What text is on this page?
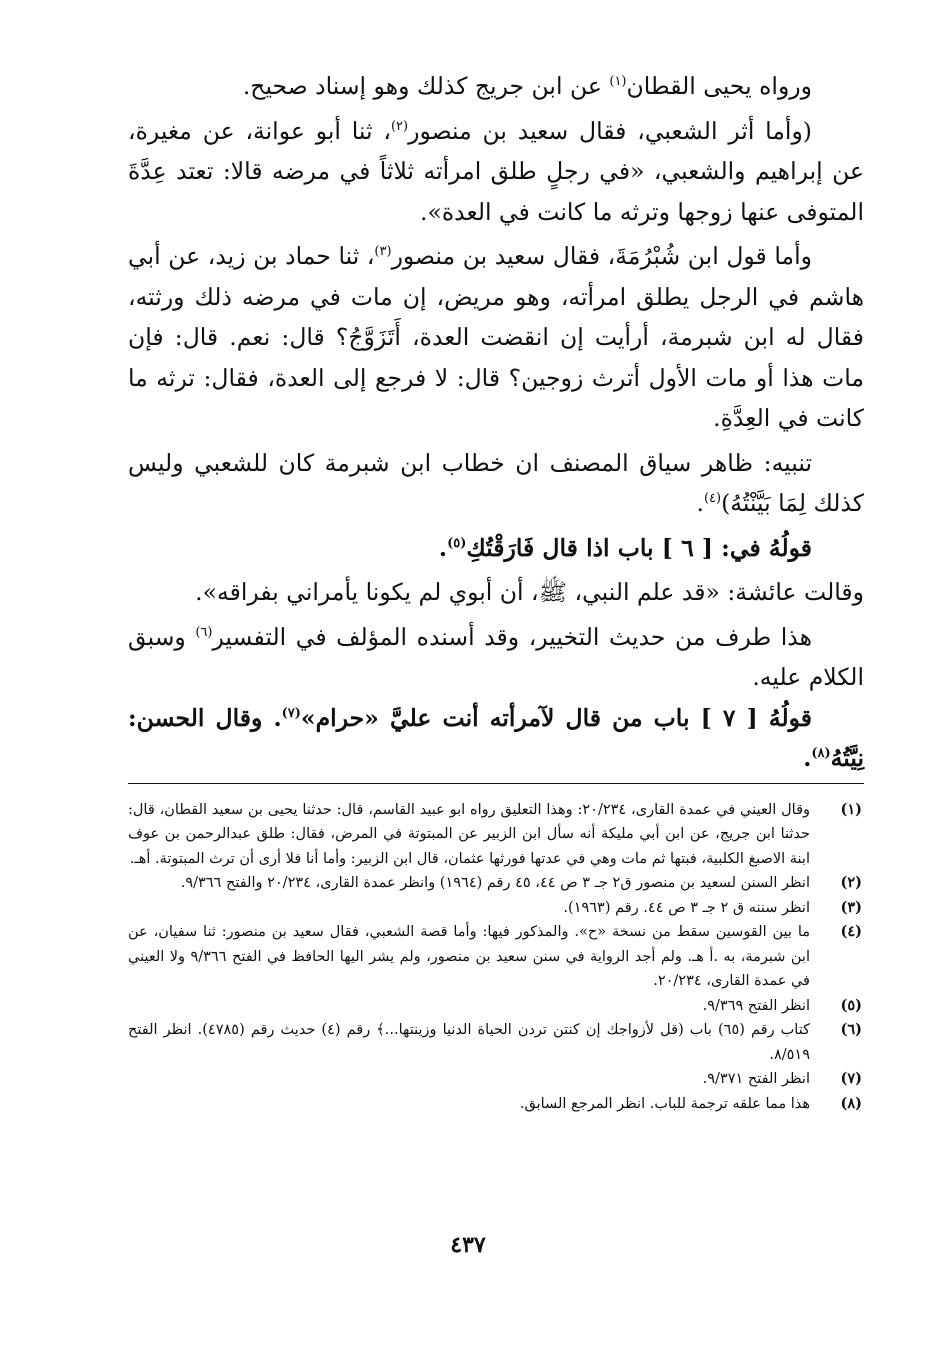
ورواه يحيى القطان$^{(١)}$ عن ابن جريج كذلك وهو إسناد صحيح.

(وأما أثر الشعبي، فقال سعيد بن منصور$^{(٢)}$، ثنا أبو عوانة، عن مغيرة، عن إبراهيم والشعبي، «في رجلٍ طلق امرأته ثلاثاً في مرضه قالا: تعتد عِدَّةَ المتوفى عنها زوجها وترثه ما كانت في العدة».

وأما قول ابن شُبْرُمَةَ، فقال سعيد بن منصور$^{(٣)}$، ثنا حماد بن زيد، عن أبي هاشم في الرجل يطلق امرأته، وهو مريض، إن مات في مرضه ذلك ورثته، فقال له ابن شبرمة، أرأيت إن انقضت العدة، أَتَزَوَّجُ؟ قال: نعم. قال: فإن مات هذا أو مات الأول أترث زوجين؟ قال: لا فرجع إلى العدة، فقال: ترثه ما كانت في العِدَّةِ.

تنبيه: ظاهر سياق المصنف ان خطاب ابن شبرمة كان للشعبي وليس كذلك لِمَا بَيَّنْتُهُ)$^{(٤)}$.

قولُهُ في: [ ٦ ] باب اذا قال فَارَقْتُكِ$^{(٥)}$.

وقالت عائشة: «قد علم النبي، ﷺ، أن أبوي لم يكونا يأمراني بفراقه».

هذا طرف من حديث التخيير، وقد أسنده المؤلف في التفسير$^{(٦)}$ وسبق الكلام عليه.

قولُهُ [ ٧ ] باب من قال لآمرأته أنت عليَّ «حرام»$^{(٧)}$. وقال الحسن: نِيَّتُهُ$^{(٨)}$.

(١)
وقال العيني في عمدة القارى، ٢٠/٢٣٤: وهذا التعليق رواه ابو عبيد القاسم، قال: حدثنا يحيى بن سعيد القطان، قال: حدثنا ابن جريج، عن ابن أبي مليكة أنه سأل ابن الزبير عن المبتوتة في المرض، فقال: طلق عبدالرحمن بن عوف ابنة الاصبغ الكلبية، فبتها ثم مات وهي في عدتها فورثها عثمان، قال ابن الزبير: وأما أنا فلا أرى أن ترث المبتوتة. أهـ.
(٢)
انظر السنن لسعيد بن منصور ق٢ جـ ٣ ص ٤٤، ٤٥ رقم (١٩٦٤) وانظر عمدة القارى، ٢٠/٢٣٤ والفتح ٩/٣٦٦.
(٣)
انظر سننه ق ٢ جـ ٣ ص ٤٤. رقم (١٩٦٣).
(٤)
ما بين القوسين سقط من نسخة «ح». والمذكور فيها: وأما قصة الشعبي، فقال سعيد بن منصور: ثنا سفيان، عن ابن شبرمة، به .أ هـ. ولم أجد الرواية في سنن سعيد بن منصور، ولم يشر اليها الحافظ في الفتح ٩/٣٦٦ ولا العيني في عمدة القارى، ٢٠/٢٣٤.
(٥)
انظر الفتح ٩/٣٦٩.
(٦)
كتاب رقم (٦٥) باب (قل لأزواجك إن كنتن تردن الحياة الدنيا وزينتها...﴾ رقم (٤) حديث رقم (٤٧٨٥). انظر الفتح ٨/٥١٩.
(٧)
انظر الفتح ٩/٣٧١.
(٨)
هذا مما علقه ترجمة للباب. انظر المرجع السابق.
٤٣٧
